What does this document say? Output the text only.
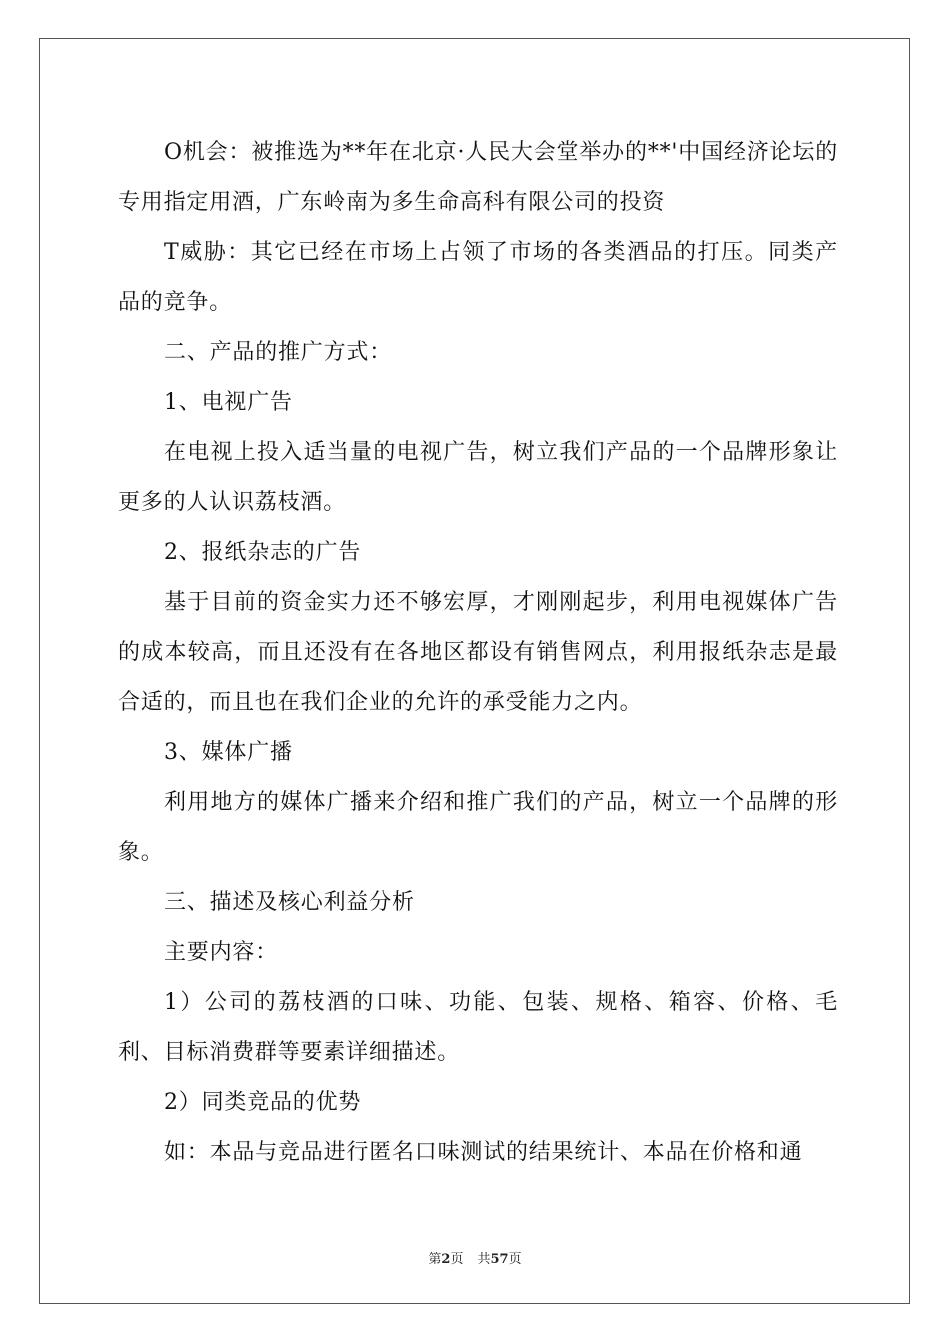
O机会：被推选为**年在北京·人民大会堂举办的**'中国经济论坛的专用指定用酒，广东岭南为多生命高科有限公司的投资

T威胁：其它已经在市场上占领了市场的各类酒品的打压。同类产品的竞争。

二、产品的推广方式：

1、电视广告

在电视上投入适当量的电视广告，树立我们产品的一个品牌形象让更多的人认识荔枝酒。

2、报纸杂志的广告

基于目前的资金实力还不够宏厚，才刚刚起步，利用电视媒体广告的成本较高，而且还没有在各地区都设有销售网点，利用报纸杂志是最合适的，而且也在我们企业的允许的承受能力之内。

3、媒体广播

利用地方的媒体广播来介绍和推广我们的产品，树立一个品牌的形象。

三、描述及核心利益分析

主要内容：

1）公司的荔枝酒的口味、功能、包装、规格、箱容、价格、毛利、目标消费群等要素详细描述。

2）同类竞品的优势

如：本品与竞品进行匿名口味测试的结果统计、本品在价格和通

第2页 共57页
